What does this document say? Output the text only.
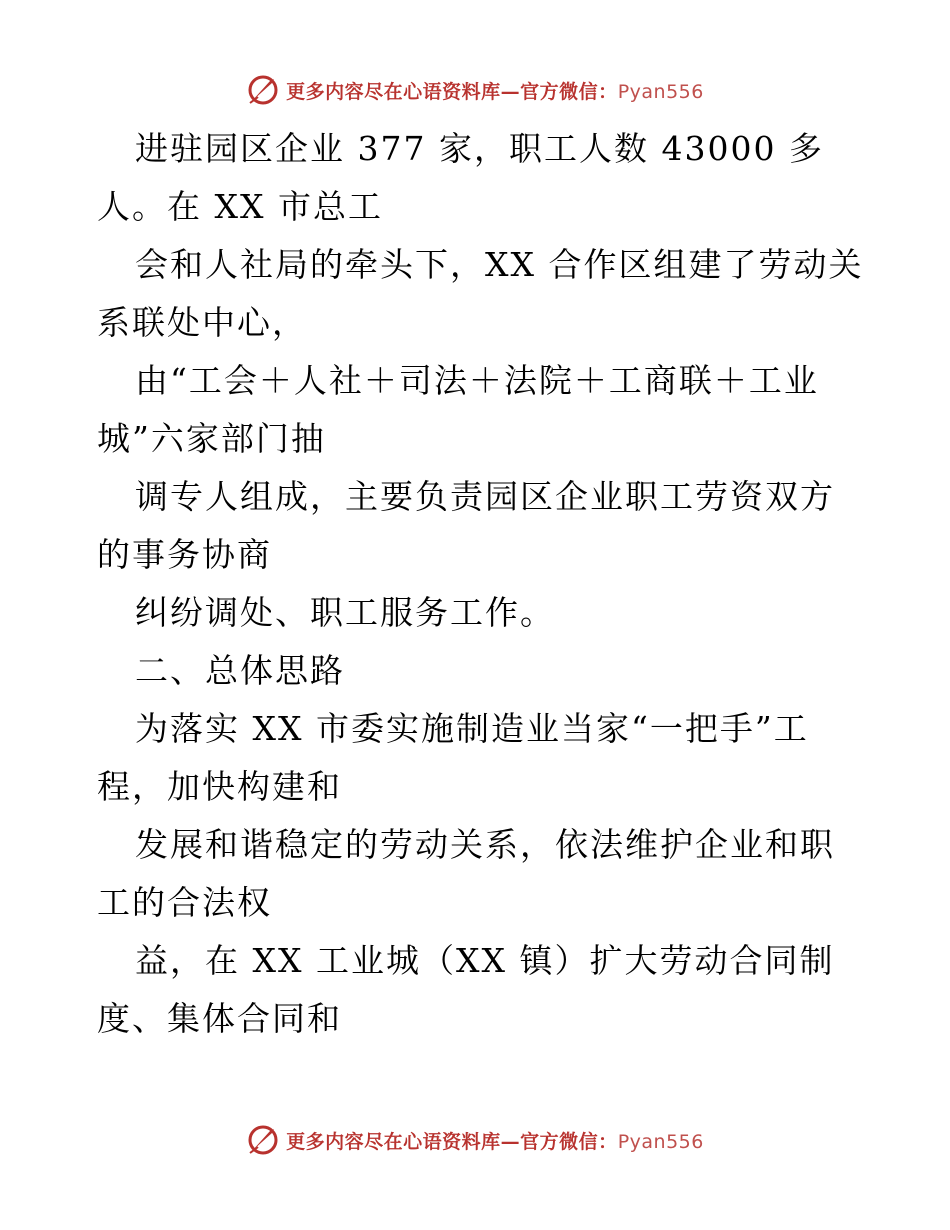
更多内容尽在心语资料库—官方微信：Pyan556

进驻园区企业 377 家，职工人数 43000 多人。在 XX 市总工

会和人社局的牵头下，XX 合作区组建了劳动关系联处中心，

由“工会＋人社＋司法＋法院＋工商联＋工业城”六家部门抽

调专人组成，主要负责园区企业职工劳资双方的事务协商

纠纷调处、职工服务工作。

二、总体思路

为落实 XX 市委实施制造业当家“一把手”工程，加快构建和

发展和谐稳定的劳动关系，依法维护企业和职工的合法权

益，在 XX 工业城（XX 镇）扩大劳动合同制度、集体合同和

更多内容尽在心语资料库—官方微信：Pyan556
